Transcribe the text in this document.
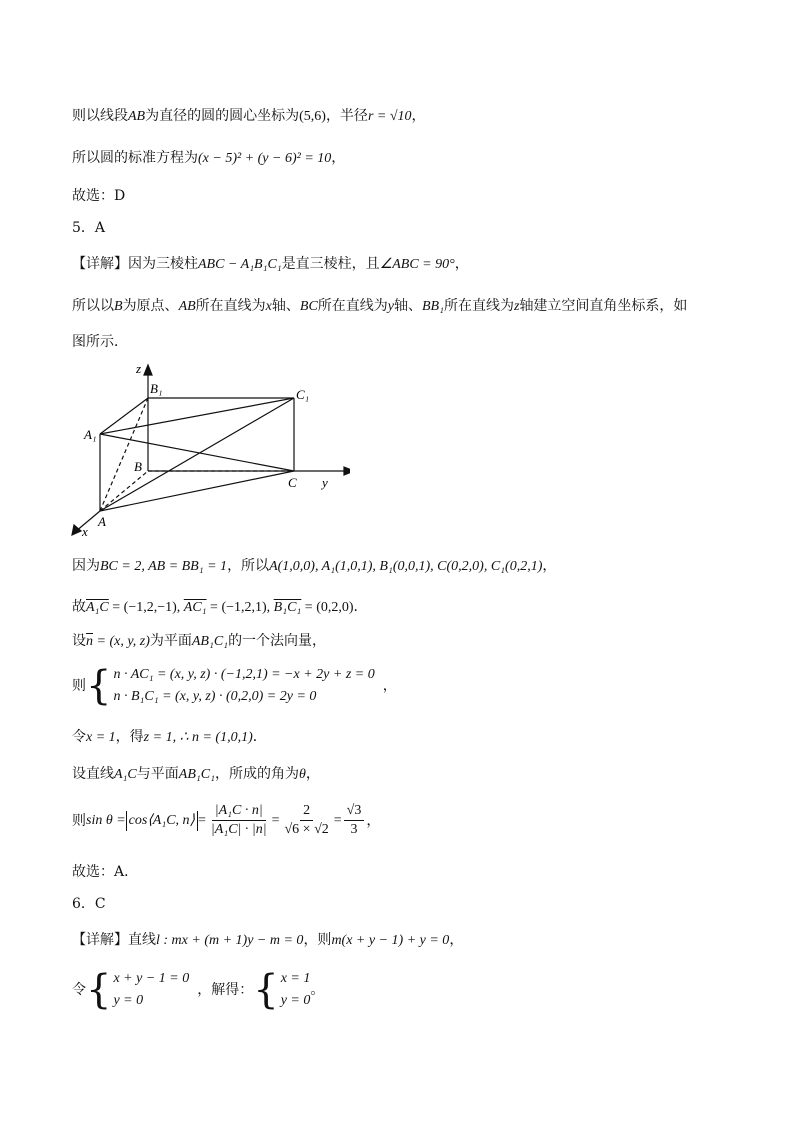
则以线段AB为直径的圆的圆心坐标为(5,6)，半径r = √10，
所以圆的标准方程为(x − 5)² + (y − 6)² = 10，
故选：D
5．A
【详解】因为三棱柱ABC − A₁B₁C₁是直三棱柱，且∠ABC = 90°，
所以以B为原点、AB所在直线为x轴、BC所在直线为y轴、BB₁所在直线为z轴建立空间直角坐标系，如
图所示．
z
B₁	C₁
A₁
B
C y
A
x
因为BC = 2, AB = BB₁ = 1，所以A(1,0,0), A₁(1,0,1), B₁(0,0,1), C(0,2,0), C₁(0,2,1)，
故A₁C = (−1,2,−1), AC₁ = (−1,2,1), B₁C₁ = (0,2,0)．
设$\overline{n} = (x$, y, z)为平面AB₁C₁的一个法向量，
则 { n · AC₁ = (x, y, z) · (−1,2,1) = −x + 2y + z = 0
n · B₁C₁ = (x, y, z) · (0,2,0) = 2y = 0
，
令x = 1，得z = 1, ∴ n = (1,0,1)．
设直线A₁C与平面AB₁C₁，所成的角为θ，
则 sin θ = cos⟨A₁C, n⟩ = $\frac{\text{|A₁C · n|}}{\text{|A₁C| · |n|}} = \frac{2}{√6 \times √2} = \frac{√3}{3}$ ，
故选：A．
6．C
【详解】直线l : mx + (m + 1)y − m = 0，则m(x + y − 1) + y = 0，
令 { x + y − 1 = 0
y = 0
，解得： { x = 1
y = 0
。
